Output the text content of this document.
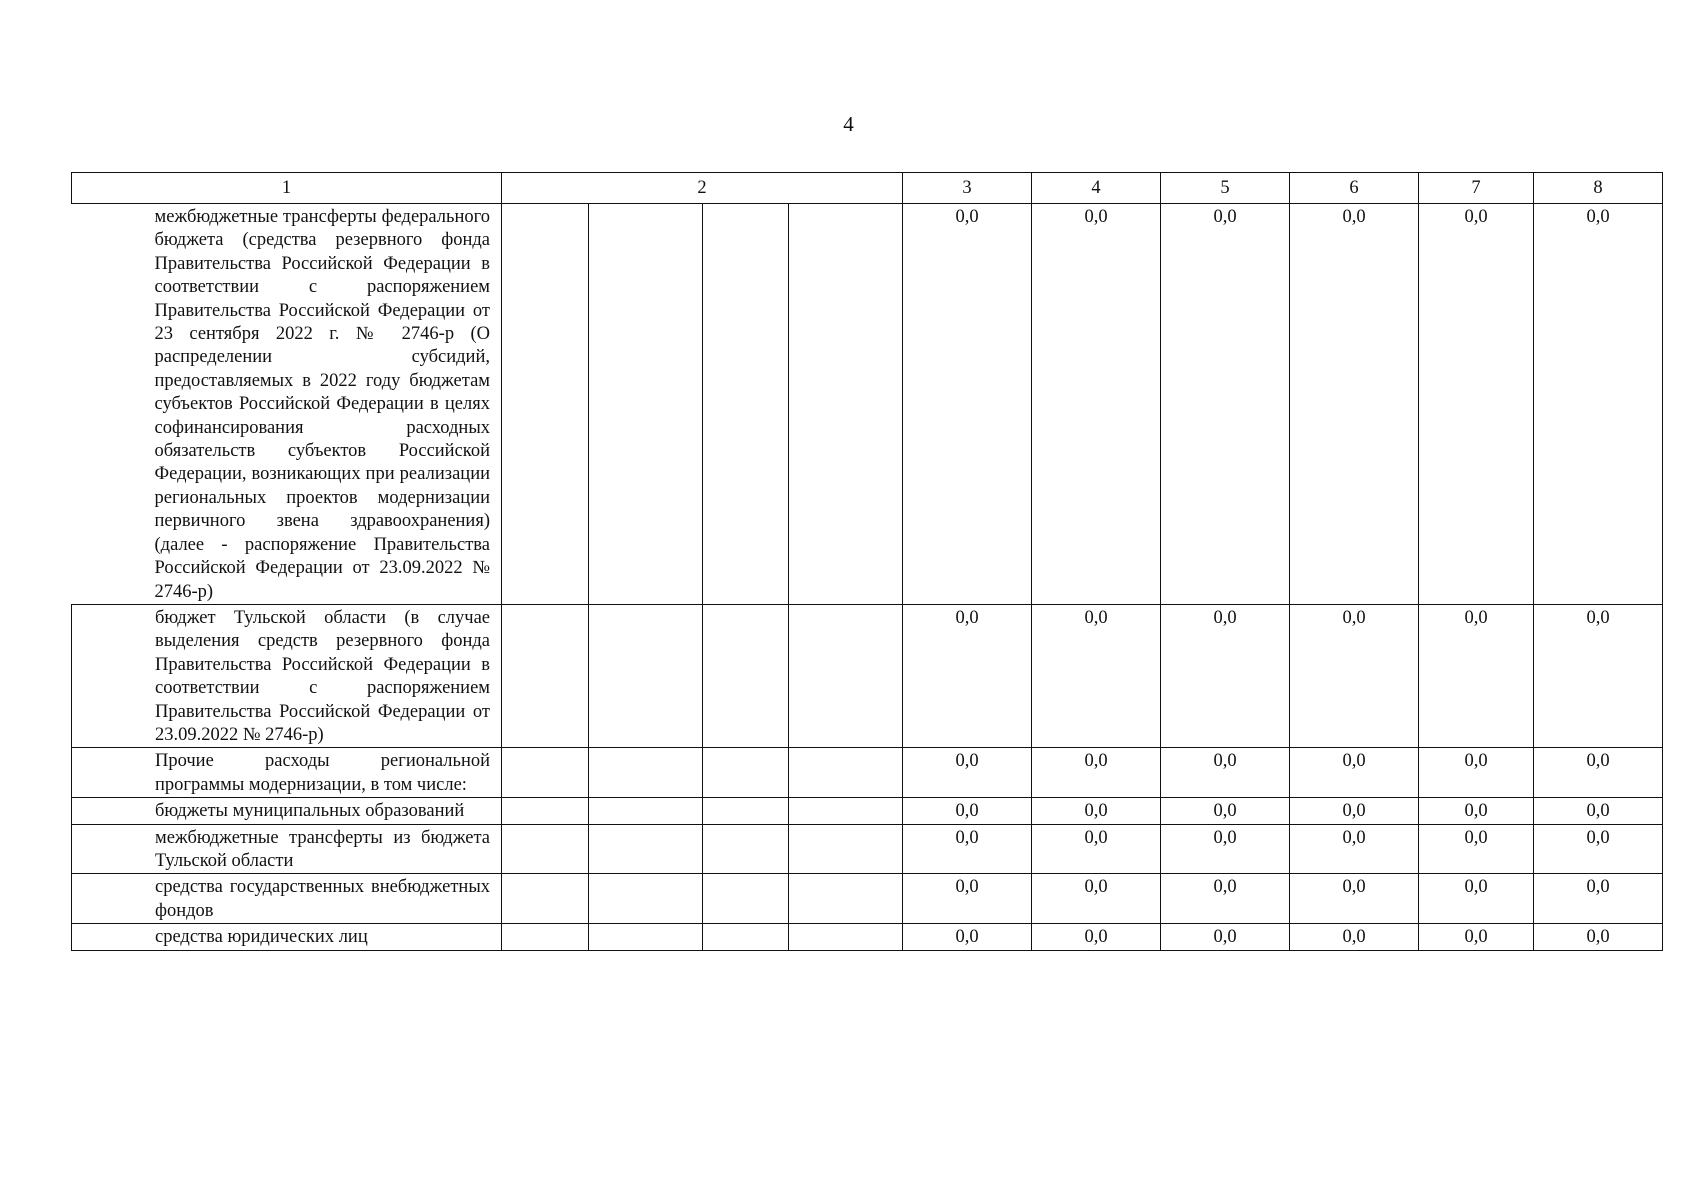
4
1	2				3	4	5	6	7	8
межбюджетные трансферты федерального бюджета (средства резервного фонда Правительства Российской Федерации в соответствии с распоряжением Правительства Российской Федерации от 23 сентября 2022 г. № 2746-р (О распределении субсидий, предоставляемых в 2022 году бюджетам субъектов Российской Федерации в целях софинансирования расходных обязательств субъектов Российской Федерации, возникающих при реализации региональных проектов модернизации первичного звена здравоохранения) (далее - распоряжение Правительства Российской Федерации от 23.09.2022 № 2746-р)					0,0	0,0	0,0	0,0	0,0	0,0
бюджет Тульской области (в случае выделения средств резервного фонда Правительства Российской Федерации в соответствии с распоряжением Правительства Российской Федерации от 23.09.2022 № 2746-р)					0,0	0,0	0,0	0,0	0,0	0,0
Прочие расходы региональной программы модернизации, в том числе:					0,0	0,0	0,0	0,0	0,0	0,0
бюджеты муниципальных образований					0,0	0,0	0,0	0,0	0,0	0,0
межбюджетные трансферты из бюджета Тульской области					0,0	0,0	0,0	0,0	0,0	0,0
средства государственных внебюджетных фондов					0,0	0,0	0,0	0,0	0,0	0,0
средства юридических лиц					0,0	0,0	0,0	0,0	0,0	0,0
